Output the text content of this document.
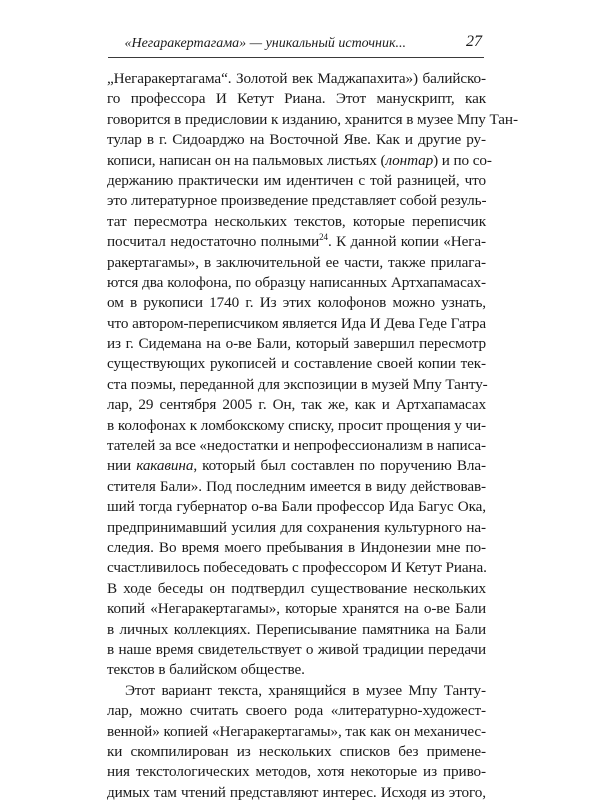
«Негаракертагама» — уникальный источник...	27
„Негаракертагама“. Золотой век Маджапахита») балийско-
го профессора И Кетут Риана. Этот манускрипт, как
говорится в предисловии к изданию, хранится в музее Мпу Тан-
тулар в г. Сидоарджо на Восточной Яве. Как и другие ру-
кописи, написан он на пальмовых листьях (лонтар) и по со-
держанию практически им идентичен с той разницей, что
это литературное произведение представляет собой резуль-
тат пересмотра нескольких текстов, которые переписчик
посчитал недостаточно полными$^{24}$. К данной копии «Нега-
ракертагамы», в заключительной ее части, также прилага-
ются два колофона, по образцу написанных Артхапамасах-
ом в рукописи 1740 г. Из этих колофонов можно узнать,
что автором-переписчиком является Ида И Дева Геде Гатра
из г. Сидемана на о-ве Бали, который завершил пересмотр
существующих рукописей и составление своей копии тек-
ста поэмы, переданной для экспозиции в музей Мпу Танту-
лар, 29 сентября 2005 г. Он, так же, как и Артхапамасах
в колофонах к ломбокскому списку, просит прощения у чи-
тателей за все «недостатки и непрофессионализм в написа-
нии какавина, который был составлен по поручению Вла-
стителя Бали». Под последним имеется в виду действовав-
ший тогда губернатор о-ва Бали профессор Ида Багус Ока,
предпринимавший усилия для сохранения культурного на-
следия. Во время моего пребывания в Индонезии мне по-
счастливилось побеседовать с профессором И Кетут Риана.
В ходе беседы он подтвердил существование нескольких
копий «Негаракертагамы», которые хранятся на о-ве Бали
в личных коллекциях. Переписывание памятника на Бали
в наше время свидетельствует о живой традиции передачи
текстов в балийском обществе.
Этот вариант текста, хранящийся в музее Мпу Танту-
лар, можно считать своего рода «литературно-художест-
венной» копией «Негаракертагамы», так как он механичес-
ки скомпилирован из нескольких списков без примене-
ния текстологических методов, хотя некоторые из приво-
димых там чтений представляют интерес. Исходя из этого,
